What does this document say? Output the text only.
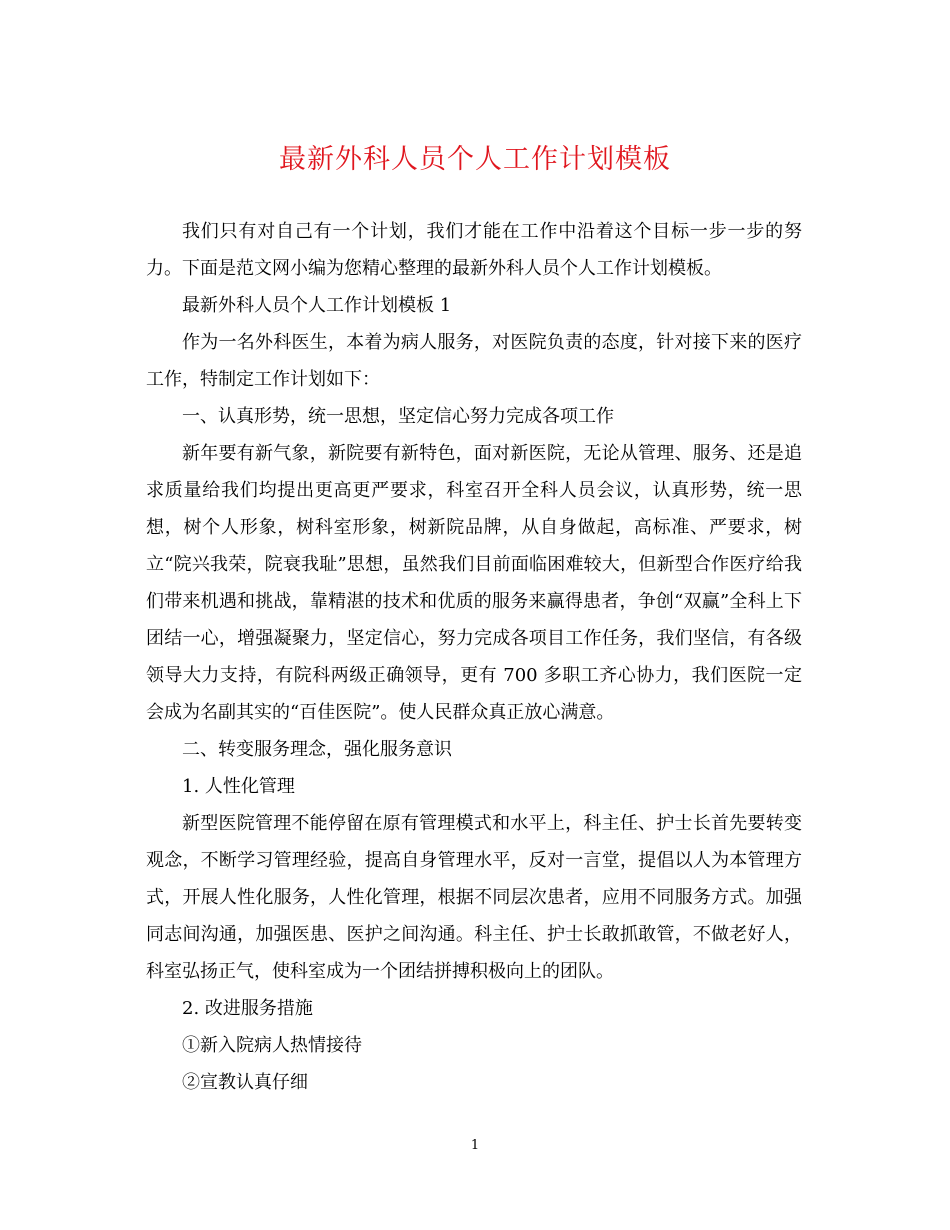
最新外科人员个人工作计划模板

我们只有对自己有一个计划，我们才能在工作中沿着这个目标一步一步的努力。下面是范文网小编为您精心整理的最新外科人员个人工作计划模板。

最新外科人员个人工作计划模板 1

作为一名外科医生，本着为病人服务，对医院负责的态度，针对接下来的医疗工作，特制定工作计划如下：

一、认真形势，统一思想，坚定信心努力完成各项工作

新年要有新气象，新院要有新特色，面对新医院，无论从管理、服务、还是追求质量给我们均提出更高更严要求，科室召开全科人员会议，认真形势，统一思想，树个人形象，树科室形象，树新院品牌，从自身做起，高标准、严要求，树立“院兴我荣，院衰我耻”思想，虽然我们目前面临困难较大，但新型合作医疗给我们带来机遇和挑战，靠精湛的技术和优质的服务来赢得患者，争创“双赢”全科上下团结一心，增强凝聚力，坚定信心，努力完成各项目工作任务，我们坚信，有各级领导大力支持，有院科两级正确领导，更有 700 多职工齐心协力，我们医院一定会成为名副其实的“百佳医院”。使人民群众真正放心满意。

二、转变服务理念，强化服务意识

1. 人性化管理

新型医院管理不能停留在原有管理模式和水平上，科主任、护士长首先要转变观念，不断学习管理经验，提高自身管理水平，反对一言堂，提倡以人为本管理方式，开展人性化服务，人性化管理，根据不同层次患者，应用不同服务方式。加强同志间沟通，加强医患、医护之间沟通。科主任、护士长敢抓敢管，不做老好人，科室弘扬正气，使科室成为一个团结拼搏积极向上的团队。

2. 改进服务措施

①新入院病人热情接待

②宣教认真仔细

1
